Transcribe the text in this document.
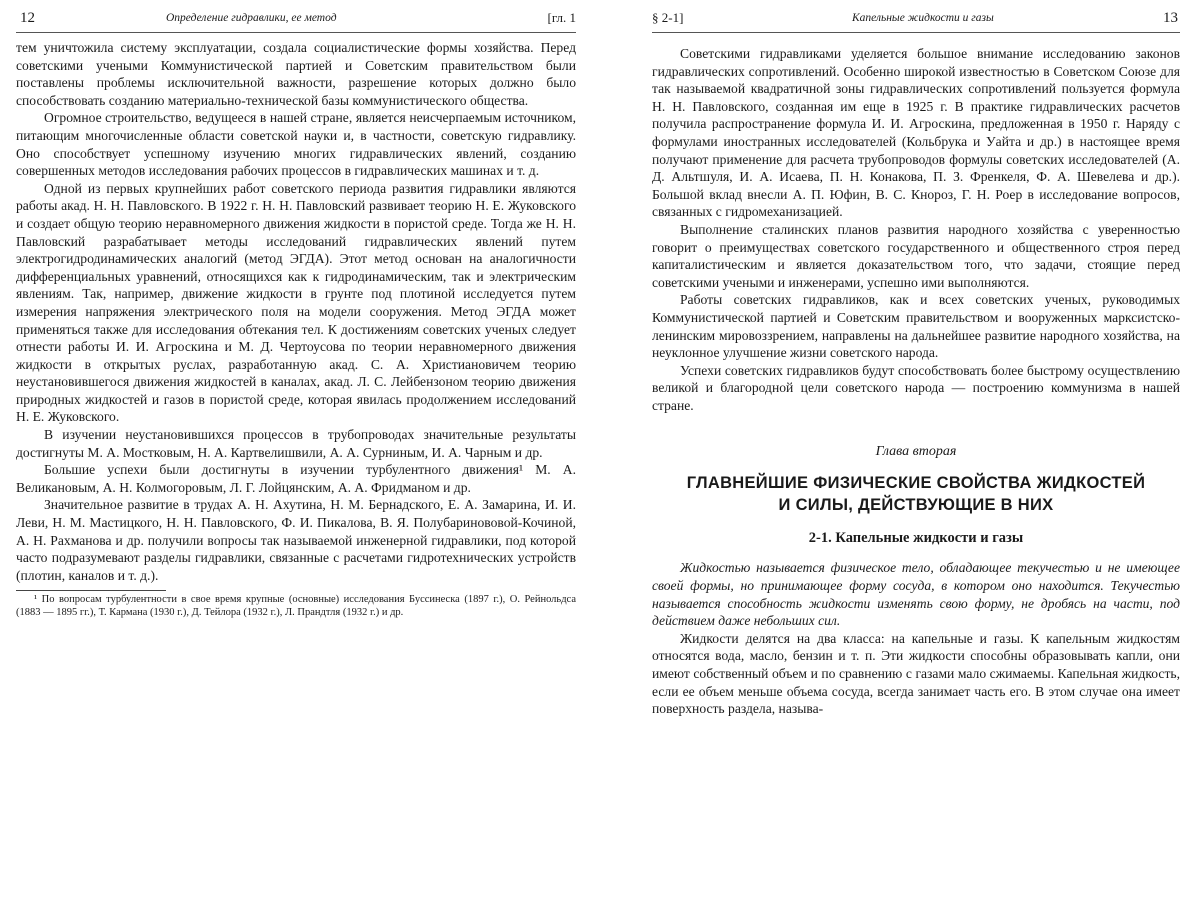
12	Определение гидравлики, ее метод	[гл. 1

тем уничтожила систему эксплуатации, создала социалистические формы хозяйства. Перед советскими учеными Коммунистической партией и Советским правительством были поставлены проблемы исключительной важности, разрешение которых должно было способствовать созданию материально-технической базы коммунистического общества.

Огромное строительство, ведущееся в нашей стране, является неисчерпаемым источником, питающим многочисленные области советской науки и, в частности, советскую гидравлику. Оно способствует успешному изучению многих гидравлических явлений, созданию совершенных методов исследования рабочих процессов в гидравлических машинах и т. д.

Одной из первых крупнейших работ советского периода развития гидравлики являются работы акад. Н. Н. Павловского. В 1922 г. Н. Н. Павловский развивает теорию Н. Е. Жуковского и создает общую теорию неравномерного движения жидкости в пористой среде. Тогда же Н. Н. Павловский разрабатывает методы исследований гидравлических явлений путем электрогидродинамических аналогий (метод ЭГДА). Этот метод основан на аналогичности дифференциальных уравнений, относящихся как к гидродинамическим, так и электрическим явлениям. Так, например, движение жидкости в грунте под плотиной исследуется путем измерения напряжения электрического поля на модели сооружения. Метод ЭГДА может применяться также для исследования обтекания тел. К достижениям советских ученых следует отнести работы И. И. Агроскина и М. Д. Чертоусова по теории неравномерного движения жидкости в открытых руслах, разработанную акад. С. А. Христиановичем теорию неустановившегося движения жидкостей в каналах, акад. Л. С. Лейбензоном теорию движения природных жидкостей и газов в пористой среде, которая явилась продолжением исследований Н. Е. Жуковского.

В изучении неустановившихся процессов в трубопроводах значительные результаты достигнуты М. А. Мостковым, Н. А. Картвелишвили, А. А. Сурниным, И. А. Чарным и др.

Большие успехи были достигнуты в изучении турбулентного движения¹ М. А. Великановым, А. Н. Колмогоровым, Л. Г. Лойцянским, А. А. Фридманом и др.

Значительное развитие в трудах А. Н. Ахутина, Н. М. Бернадского, Е. А. Замарина, И. И. Леви, Н. М. Мастицкого, Н. Н. Павловского, Ф. И. Пикалова, В. Я. Полубаринововой-Кочиной, А. Н. Рахманова и др. получили вопросы так называемой инженерной гидравлики, под которой часто подразумевают разделы гидравлики, связанные с расчетами гидротехнических устройств (плотин, каналов и т. д.).

¹ По вопросам турбулентности в свое время крупные (основные) исследования Буссинеска (1897 г.), О. Рейнольдса (1883 — 1895 гг.), Т. Кармана (1930 г.), Д. Тейлора (1932 г.), Л. Прандтля (1932 г.) и др.

§ 2-1]	Капельные жидкости и газы	13

Советскими гидравликами уделяется большое внимание исследованию законов гидравлических сопротивлений. Особенно широкой известностью в Советском Союзе для так называемой квадратичной зоны гидравлических сопротивлений пользуется формула Н. Н. Павловского, созданная им еще в 1925 г. В практике гидравлических расчетов получила распространение формула И. И. Агроскина, предложенная в 1950 г. Наряду с формулами иностранных исследователей (Кольбрука и Уайта и др.) в настоящее время получают применение для расчета трубопроводов формулы советских исследователей (А. Д. Альтшуля, И. А. Исаева, П. Н. Конакова, П. З. Френкеля, Ф. А. Шевелева и др.). Большой вклад внесли А. П. Юфин, В. С. Кнороз, Г. Н. Роер в исследование вопросов, связанных с гидромеханизацией.

Выполнение сталинских планов развития народного хозяйства с уверенностью говорит о преимуществах советского государственного и общественного строя перед капиталистическим и является доказательством того, что задачи, стоящие перед советскими учеными и инженерами, успешно ими выполняются.

Работы советских гидравликов, как и всех советских ученых, руководимых Коммунистической партией и Советским правительством и вооруженных марксистско-ленинским мировоззрением, направлены на дальнейшее развитие народного хозяйства, на неуклонное улучшение жизни советского народа.

Успехи советских гидравликов будут способствовать более быстрому осуществлению великой и благородной цели советского народа — построению коммунизма в нашей стране.

Глава вторая
ГЛАВНЕЙШИЕ ФИЗИЧЕСКИЕ СВОЙСТВА ЖИДКОСТЕЙ
И СИЛЫ, ДЕЙСТВУЮЩИЕ В НИХ
2-1. Капельные жидкости и газы

Жидкостью называется физическое тело, обладающее текучестью и не имеющее своей формы, но принимающее форму сосуда, в котором оно находится. Текучестью называется способность жидкости изменять свою форму, не дробясь на части, под действием даже небольших сил.

Жидкости делятся на два класса: на капельные и газы. К капельным жидкостям относятся вода, масло, бензин и т. п. Эти жидкости способны образовывать капли, они имеют собственный объем и по сравнению с газами мало сжимаемы. Капельная жидкость, если ее объем меньше объема сосуда, всегда занимает часть его. В этом случае она имеет поверхность раздела, называ-
